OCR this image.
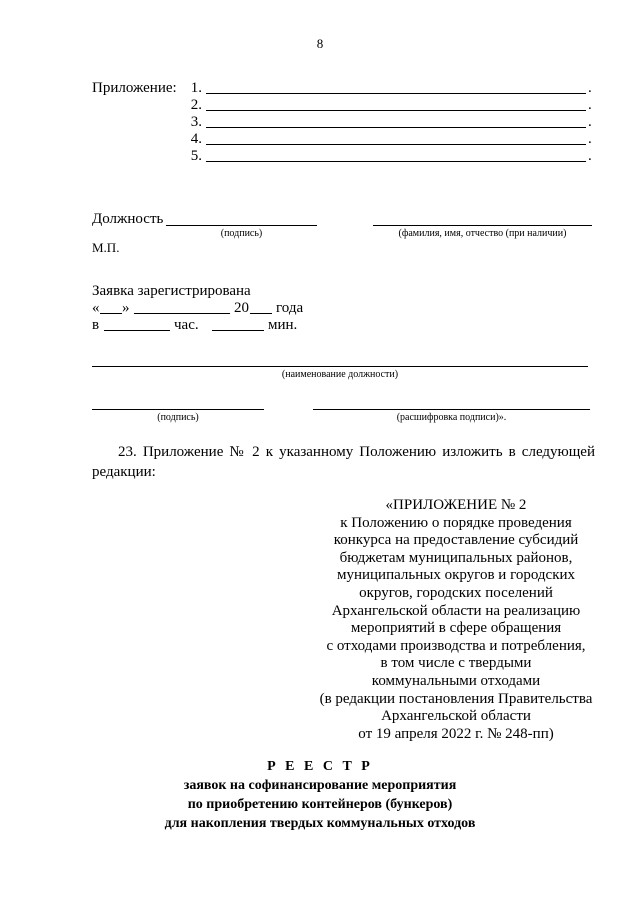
8
Приложение: 1.	.
2.	.
3.	.
4.	.
5.	.
Должность
(подпись)	(фамилия, имя, отчество (при наличии)
М.П.
Заявка зарегистрирована
« »	20 года
в	час.	мин.
(наименование должности)
(подпись)	(расшифровка подписи)».
23. Приложение № 2 к указанному Положению изложить в следующей редакции:
«ПРИЛОЖЕНИЕ № 2
к Положению о порядке проведения
конкурса на предоставление субсидий
бюджетам муниципальных районов,
муниципальных округов и городских
округов, городских поселений
Архангельской области на реализацию
мероприятий в сфере обращения
с отходами производства и потребления,
в том числе с твердыми
коммунальными отходами
(в редакции постановления Правительства
Архангельской области
от 19 апреля 2022 г. № 248-пп)
Р Е Е С Т Р
заявок на софинансирование мероприятия
по приобретению контейнеров (бункеров)
для накопления твердых коммунальных отходов
